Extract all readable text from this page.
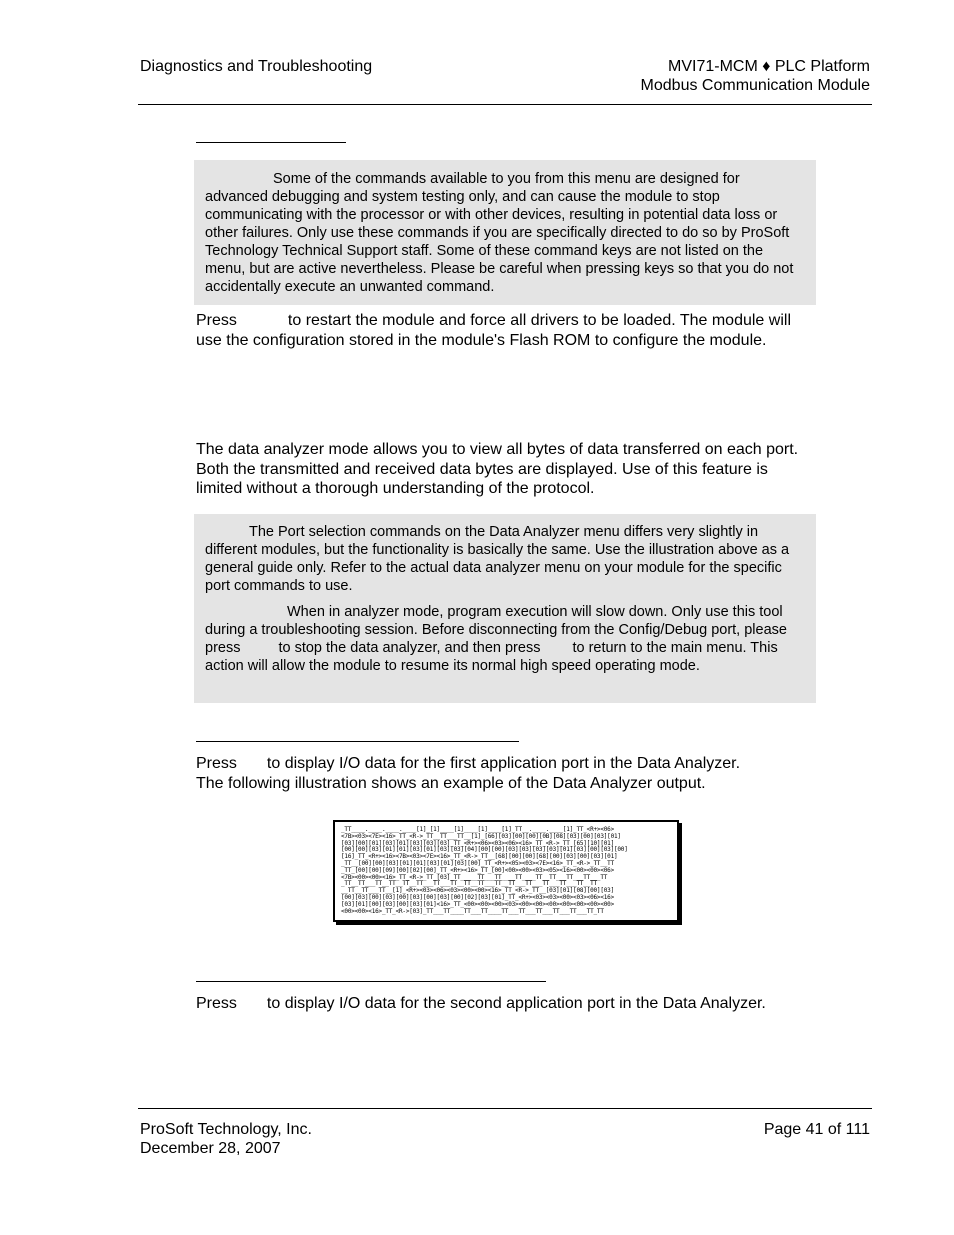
Diagnostics and Troubleshooting	MVI71-MCM ♦ PLC Platform
Modbus Communication Module
Some of the commands available to you from this menu are designed for advanced debugging and system testing only, and can cause the module to stop communicating with the processor or with other devices, resulting in potential data loss or other failures. Only use these commands if you are specifically directed to do so by ProSoft Technology Technical Support staff. Some of these command keys are not listed on the menu, but are active nevertheless. Please be careful when pressing keys so that you do not accidentally execute an unwanted command.
Press	to restart the module and force all drivers to be loaded. The module will use the configuration stored in the module's Flash ROM to configure the module.
The data analyzer mode allows you to view all bytes of data transferred on each port. Both the transmitted and received data bytes are displayed. Use of this feature is limited without a thorough understanding of the protocol.
The Port selection commands on the Data Analyzer menu differs very slightly in different modules, but the functionality is basically the same. Use the illustration above as a general guide only. Refer to the actual data analyzer menu on your module for the specific port commands to use.
When in analyzer mode, program execution will slow down. Only use this tool during a troubleshooting session. Before disconnecting from the Config/Debug port, please press	to stop the data analyzer, and then press to return to the main menu. This action will allow the module to resume its normal high speed operating mode.
Press to display I/O data for the first application port in the Data Analyzer.
The following illustration shows an example of the Data Analyzer output.
_TT____.____.____.____[1]_[1]____[1]____[1]____[1]_TT__.____.____[1]_TT_<R+><06>
<7B><03><7E><16>_TT_<R->_TT__TT___TT__[1]_[66][03][00][00][0B][08][03][00][03][01]
[03][00][01][03][01][03][03][03]_TT_<R+><06><03><06><16>_TT_<R->_TT_[65][10][01]
[00][00][03][01][01][03][01][03][03][04][00][00][03][03][03][03][01][03][00][03][00]
[16]_TT_<R+><16><7B><03><7E><16>_TT_<R->_TT__[68][00][00][68][00][03][00][03][01]
_TT__[00][00][03][01][01][03][01][03][00]_TT_<R+><05><03><7E><16>_TT_<R->_TT__TT
_TT_[00][00][09][00][02][00]_TT_<R+><16>_TT_[00]<00><00><03><05><16><00><00><06>
<7B><00><00><16>_TT_<R->_TT_[03]_TT_____TT___TT____TT____TT__TT___TT___TT___TT
_TT__TT___TT__TT__TT__TT___TT___TT__TT__TT___TT__TT___TT___TT___TT___TT__TT
__TT__TT___TT__[1]_<R+><03><06><03><00><00><16>_TT_<R->_TT__[03][01][08][00][03]
[00][03][00][03][00][03][00][03][00][02][03][01]_TT_<R+><03><03><00><03><06><16>
[03][01][00][03][00][03][01]<16>_TT_<00><00><00><03><00><00><00><00><00><00><00>
<00><00><16>_TT_<R->[03]_TT___TT____TT___TT____TT___TT___TT___TT___TT___TT_TT
Press to display I/O data for the second application port in the Data Analyzer.
ProSoft Technology, Inc.
December 28, 2007
Page 41 of 111
